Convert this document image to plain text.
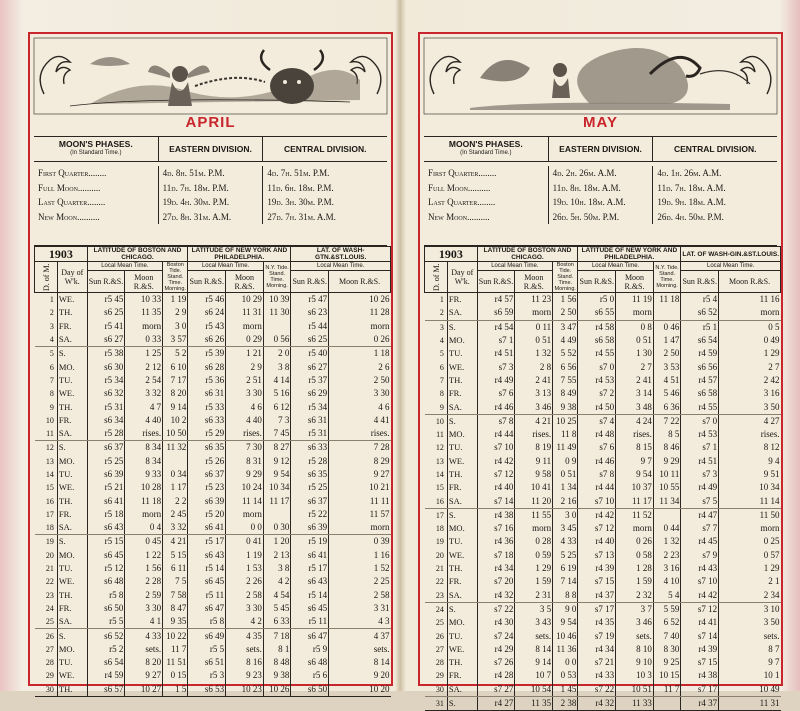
APRIL
MOON'S PHASES.
(In Standard Time.)	EASTERN DIVISION.	CENTRAL DIVISION.
First Quarter........	4d. 8h. 51m. P.M.	4d. 7h. 51m. P.M.
Full Moon..........	11d. 7h. 18m. P.M.	11d. 6h. 18m. P.M.
Last Quarter........	19d. 4h. 30m. P.M.	19d. 3h. 30m. P.M.
New Moon..........	27d. 8h. 31m. A.M.	27d. 7h. 31m. A.M.
1903		LATITUDE OF BOSTON AND CHICAGO.			LATITUDE OF NEW YORK AND PHILADELPHIA.			LAT. OF WASH-GTN.&ST.LOUIS.	
D. of M.	Day of W'k.	Local Mean Time.		Boston Tide.
Stand. Time.
Morning.	Local Mean Time.		N.Y. Tide.
Stand. Time.
Morning.	Local Mean Time.	
		Sun R.&S.	Moon R.&S.		Sun R.&S.	Moon R.&S.		Sun R.&S.	Moon R.&S.
1	WE.	r5 45	10 33	1 19	r5 46	10 29	10 39	r5 47	10 26
2	TH.	s6 25	11 35	2 9	s6 24	11 31	11 30	s6 23	11 28
3	FR.	r5 41	morn	3 0	r5 43	morn		r5 44	morn
4	SA.	s6 27	0 33	3 57	s6 26	0 29	0 56	s6 25	0 26
5	S.	r5 38	1 25	5 2	r5 39	1 21	2 0	r5 40	1 18
6	MO.	s6 30	2 12	6 10	s6 28	2 9	3 8	s6 27	2 6
7	TU.	r5 34	2 54	7 17	r5 36	2 51	4 14	r5 37	2 50
8	WE.	s6 32	3 32	8 20	s6 31	3 30	5 16	s6 29	3 30
9	TH.	r5 31	4 7	9 14	r5 33	4 6	6 12	r5 34	4 6
10	FR.	s6 34	4 40	10 2	s6 33	4 40	7 3	s6 31	4 41
11	SA.	r5 28	rises.	10 50	r5 29	rises.	7 45	r5 31	rises.
12	S.	s6 37	8 34	11 32	s6 35	7 30	8 27	s6 33	7 28
13	MO.	r5 25	8 34		r5 26	8 31	9 12	r5 28	8 29
14	TU.	s6 39	9 33	0 34	s6 37	9 29	9 54	s6 35	9 27
15	WE.	r5 21	10 28	1 17	r5 23	10 24	10 34	r5 25	10 21
16	TH.	s6 41	11 18	2 2	s6 39	11 14	11 17	s6 37	11 11
17	FR.	r5 18	morn	2 45	r5 20	morn		r5 22	11 57
18	SA.	s6 43	0 4	3 32	s6 41	0 0	0 30	s6 39	morn
19	S.	r5 15	0 45	4 21	r5 17	0 41	1 20	r5 19	0 39
20	MO.	s6 45	1 22	5 15	s6 43	1 19	2 13	s6 41	1 16
21	TU.	r5 12	1 56	6 11	r5 14	1 53	3 8	r5 17	1 52
22	WE.	s6 48	2 28	7 5	s6 45	2 26	4 2	s6 43	2 25
23	TH.	r5 8	2 59	7 58	r5 11	2 58	4 54	r5 14	2 58
24	FR.	s6 50	3 30	8 47	s6 47	3 30	5 45	s6 45	3 31
25	SA.	r5 5	4 1	9 35	r5 8	4 2	6 33	r5 11	4 3
26	S.	s6 52	4 33	10 22	s6 49	4 35	7 18	s6 47	4 37
27	MO.	r5 2	sets.	11 7	r5 5	sets.	8 1	r5 9	sets.
28	TU.	s6 54	8 20	11 51	s6 51	8 16	8 48	s6 48	8 14
29	WE.	r4 59	9 27	0 15	r5 3	9 23	9 38	r5 6	9 20
30	TH.	s6 57	10 27	1 5	s6 53	10 23	10 26	s6 50	10 20
MAY
MOON'S PHASES.
(In Standard Time.)	EASTERN DIVISION.	CENTRAL DIVISION.
First Quarter........	4d. 2h. 26m. A.M.	4d. 1h. 26m. A.M.
Full Moon..........	11d. 8h. 18m. A.M.	11d. 7h. 18m. A.M.
Last Quarter........	19d. 10h. 18m. A.M.	19d. 9h. 18m. A.M.
New Moon..........	26d. 5h. 50m. P.M.	26d. 4h. 50m. P.M.
1903		LATITUDE OF BOSTON AND CHICAGO.			LATITUDE OF NEW YORK AND PHILADELPHIA.			LAT. OF WASH-GIN.&ST.LOUIS.	
D. of M.	Day of W'k.	Local Mean Time.		Boston Tide.
Stand. Time.
Morning.	Local Mean Time.		N.Y. Tide.
Stand. Time.
Morning.	Local Mean Time.	
		Sun R.&S.	Moon R.&S.		Sun R.&S.	Moon R.&S.		Sun R.&S.	Moon R.&S.
1	FR.	r4 57	11 23	1 56	r5 0	11 19	11 18	r5 4	11 16
2	SA.	s6 59	morn	2 50	s6 55	morn		s6 52	morn
3	S.	r4 54	0 11	3 47	r4 58	0 8	0 46	r5 1	0 5
4	MO.	s7 1	0 51	4 49	s6 58	0 51	1 47	s6 54	0 49
5	TU.	r4 51	1 32	5 52	r4 55	1 30	2 50	r4 59	1 29
6	WE.	s7 3	2 8	6 56	s7 0	2 7	3 53	s6 56	2 7
7	TH.	r4 49	2 41	7 55	r4 53	2 41	4 51	r4 57	2 42
8	FR.	s7 6	3 13	8 49	s7 2	3 14	5 46	s6 58	3 16
9	SA.	r4 46	3 46	9 38	r4 50	3 48	6 36	r4 55	3 50
10	S.	s7 8	4 21	10 25	s7 4	4 24	7 22	s7 0	4 27
11	MO.	r4 44	rises.	11 8	r4 48	rises.	8 5	r4 53	rises.
12	TU.	s7 10	8 19	11 49	s7 6	8 15	8 46	s7 1	8 12
13	WE.	r4 42	9 11	0 9	r4 46	9 7	9 29	r4 51	9 4
14	TH.	s7 12	9 58	0 51	s7 8	9 54	10 11	s7 3	9 51
15	FR.	r4 40	10 41	1 34	r4 44	10 37	10 55	r4 49	10 34
16	SA.	s7 14	11 20	2 16	s7 10	11 17	11 34	s7 5	11 14
17	S.	r4 38	11 55	3 0	r4 42	11 52		r4 47	11 50
18	MO.	s7 16	morn	3 45	s7 12	morn	0 44	s7 7	morn
19	TU.	r4 36	0 28	4 33	r4 40	0 26	1 32	r4 45	0 25
20	WE.	s7 18	0 59	5 25	s7 13	0 58	2 23	s7 9	0 57
21	TH.	r4 34	1 29	6 19	r4 39	1 28	3 16	r4 43	1 29
22	FR.	s7 20	1 59	7 14	s7 15	1 59	4 10	s7 10	2 1
23	SA.	r4 32	2 31	8 8	r4 37	2 32	5 4	r4 42	2 34
24	S.	s7 22	3 5	9 0	s7 17	3 7	5 59	s7 12	3 10
25	MO.	r4 30	3 43	9 54	r4 35	3 46	6 52	r4 41	3 50
26	TU.	s7 24	sets.	10 46	s7 19	sets.	7 40	s7 14	sets.
27	WE.	r4 29	8 14	11 36	r4 34	8 10	8 30	r4 39	8 7
28	TH.	s7 26	9 14	0 0	s7 21	9 10	9 25	s7 15	9 7
29	FR.	r4 28	10 7	0 53	r4 33	10 3	10 15	r4 38	10 1
30	SA.	s7 27	10 54	1 45	s7 22	10 51	11 7	s7 17	10 49
31	S.	r4 27	11 35	2 38	r4 32	11 33		r4 37	11 31
